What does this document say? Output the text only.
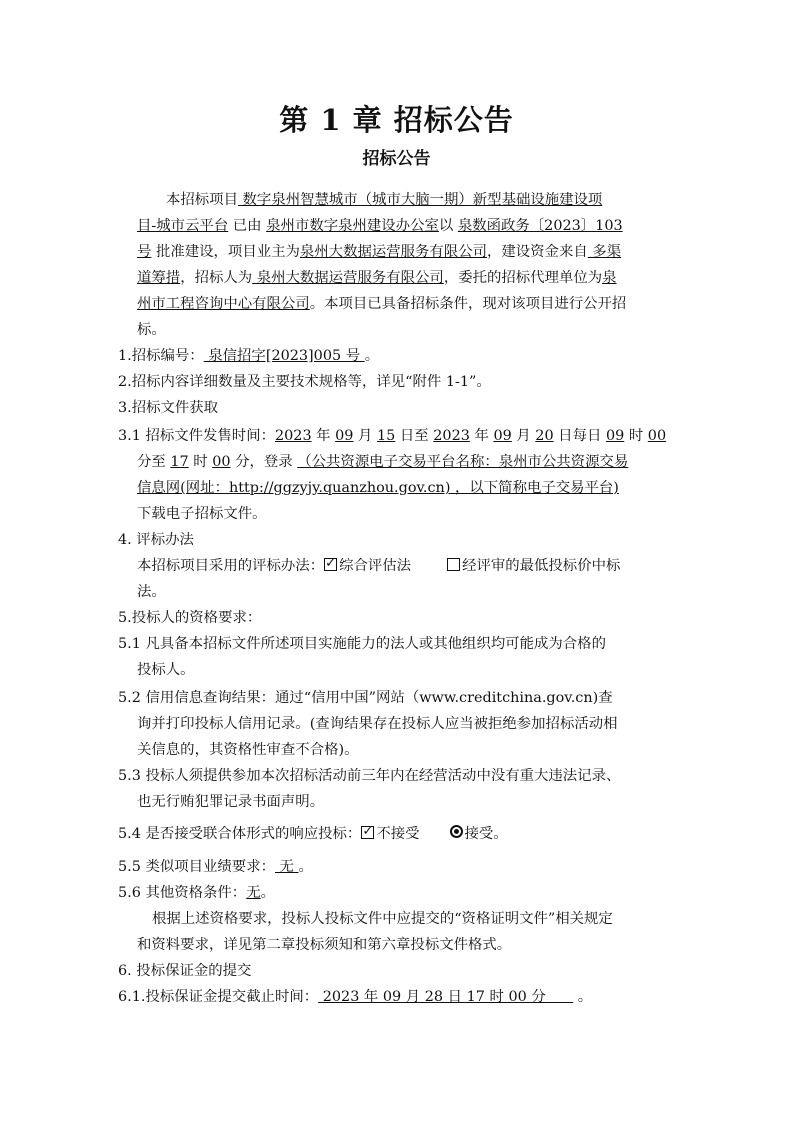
第 1 章 招标公告
招标公告
本招标项目 数字泉州智慧城市（城市大脑一期）新型基础设施建设项
目-城市云平台 已由 泉州市数字泉州建设办公室以 泉数函政务〔2023〕103
号 批准建设，项目业主为泉州大数据运营服务有限公司，建设资金来自 多渠
道筹措，招标人为 泉州大数据运营服务有限公司，委托的招标代理单位为泉
州市工程咨询中心有限公司。本项目已具备招标条件，现对该项目进行公开招
标。
1.招标编号： 泉信招字[2023]005 号 。
2.招标内容详细数量及主要技术规格等，详见“附件 1-1”。
3.招标文件获取
3.1 招标文件发售时间：2023 年 09 月 15 日至 2023 年 09 月 20 日每日 09 时 00
分至 17 时 00 分，登录 （公共资源电子交易平台名称：泉州市公共资源交易
信息网(网址：http://ggzyjy.quanzhou.gov.cn) ，以下简称电子交易平台)
下载电子招标文件。
4. 评标办法
本招标项目采用的评标办法： ✓ 综合评估法	经评审的最低投标价中标
法。
5.投标人的资格要求：
5.1 凡具备本招标文件所述项目实施能力的法人或其他组织均可能成为合格的
投标人。
5.2 信用信息查询结果：通过“信用中国”网站（www.creditchina.gov.cn)查
询并打印投标人信用记录。(查询结果存在投标人应当被拒绝参加招标活动相
关信息的，其资格性审查不合格)。
5.3 投标人须提供参加本次招标活动前三年内在经营活动中没有重大违法记录、
也无行贿犯罪记录书面声明。
5.4 是否接受联合体形式的响应投标： ✓ 不接受	接受。
5.5 类似项目业绩要求： 无 。
5.6 其他资格条件：无。
根据上述资格要求，投标人投标文件中应提交的“资格证明文件”相关规定
和资料要求，详见第二章投标须知和第六章投标文件格式。
6. 投标保证金的提交
6.1.投标保证金提交截止时间： 2023 年 09 月 28 日 17 时 00 分       。
